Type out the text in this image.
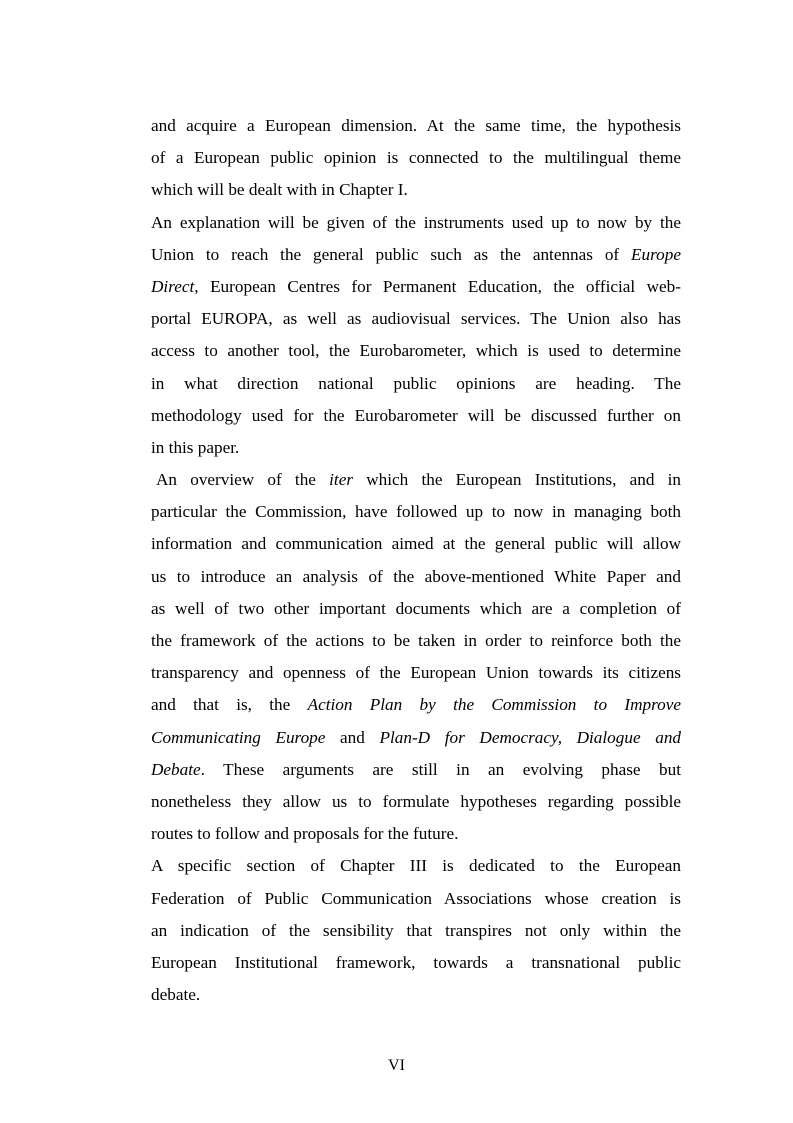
and acquire a European dimension. At the same time, the hypothesis
of a European public opinion is connected to the multilingual theme
which will be dealt with in Chapter I.
An explanation will be given of the instruments used up to now by the
Union to reach the general public such as the antennas of Europe
Direct, European Centres for Permanent Education, the official web-
portal EUROPA, as well as audiovisual services. The Union also has
access to another tool, the Eurobarometer, which is used to determine
in what direction national public opinions are heading. The
methodology used for the Eurobarometer will be discussed further on
in this paper.
An overview of the iter which the European Institutions, and in
particular the Commission, have followed up to now in managing both
information and communication aimed at the general public will allow
us to introduce an analysis of the above-mentioned White Paper and
as well of two other important documents which are a completion of
the framework of the actions to be taken in order to reinforce both the
transparency and openness of the European Union towards its citizens
and that is, the Action Plan by the Commission to Improve
Communicating Europe and Plan-D for Democracy, Dialogue and
Debate. These arguments are still in an evolving phase but
nonetheless they allow us to formulate hypotheses regarding possible
routes to follow and proposals for the future.
A specific section of Chapter III is dedicated to the European
Federation of Public Communication Associations whose creation is
an indication of the sensibility that transpires not only within the
European Institutional framework, towards a transnational public
debate.
VI
